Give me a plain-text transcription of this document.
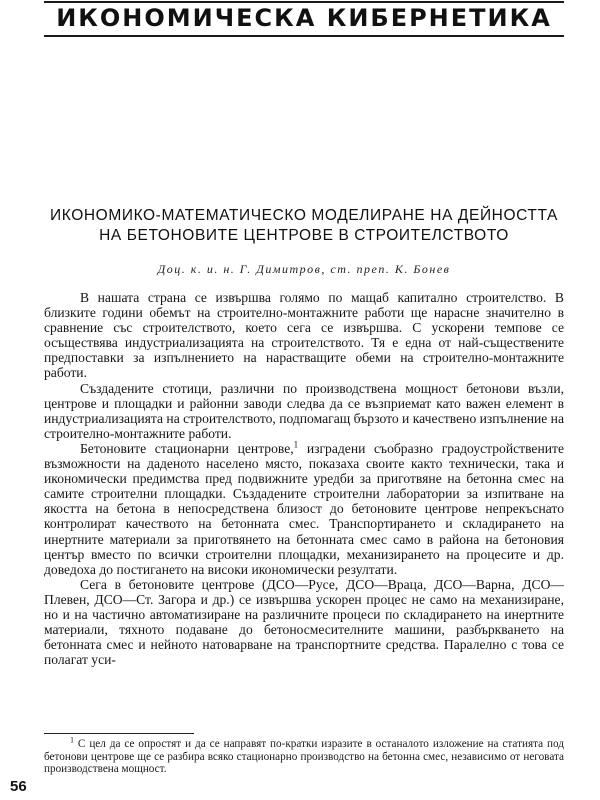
ИКОНОМИЧЕСКА КИБЕРНЕТИКА
ИКОНОМИКО-МАТЕМАТИЧЕСКО МОДЕЛИРАНЕ НА ДЕЙНОСТТА
НА БЕТОНОВИТЕ ЦЕНТРОВЕ В СТРОИТЕЛСТВОТО
Доц. к. и. н. Г. Димитров, ст. преп. К. Бонев

В нашата страна се извършва голямо по мащаб капитално строителство. В близките години обемът на строително-монтажните работи ще нарасне значително в сравнение със строителството, което сега се извършва. С ускорени темпове се осъществява индустриализацията на строителството. Тя е една от най-съществените предпоставки за изпълнението на нарастващите обеми на строително-монтажните работи.

Създадените стотици, различни по производствена мощност бетонови възли, центрове и площадки и районни заводи следва да се възприемат като важен елемент в индустриализацията на строителството, подпомагащ бързото и качествено изпълнение на строително-монтажните работи.

Бетоновите стационарни центрове,$^1$ изградени съобразно градоустройствените възможности на даденото населено място, показаха своите както технически, така и икономически предимства пред подвижните уредби за приготвяне на бетонна смес на самите строителни площадки. Създадените строителни лаборатории за изпитване на якостта на бетона в непосредствена близост до бетоновите центрове непрекъснато контролират качеството на бетонната смес. Транспортирането и складирането на инертните материали за приготвянето на бетонната смес само в района на бетоновия център вместо по всички строителни площадки, механизирането на процесите и др. доведоха до постигането на високи икономически резултати.

Сега в бетоновите центрове (ДСО—Русе, ДСО—Враца, ДСО—Варна, ДСО—Плевен, ДСО—Ст. Загора и др.) се извършва ускорен процес не само на механизиране, но и на частично автоматизиране на различните процеси по складирането на инертните материали, тяхното подаване до бетоносмесителните машини, разбъркването на бетонната смес и нейното натоварване на транспортните средства. Паралелно с това се полагат уси-

$^1$ С цел да се опростят и да се направят по-кратки изразите в останалото изложение на статията под бетонови центрове ще се разбира всяко стационарно производство на бетонна смес, независимо от неговата производствена мощност.

56
